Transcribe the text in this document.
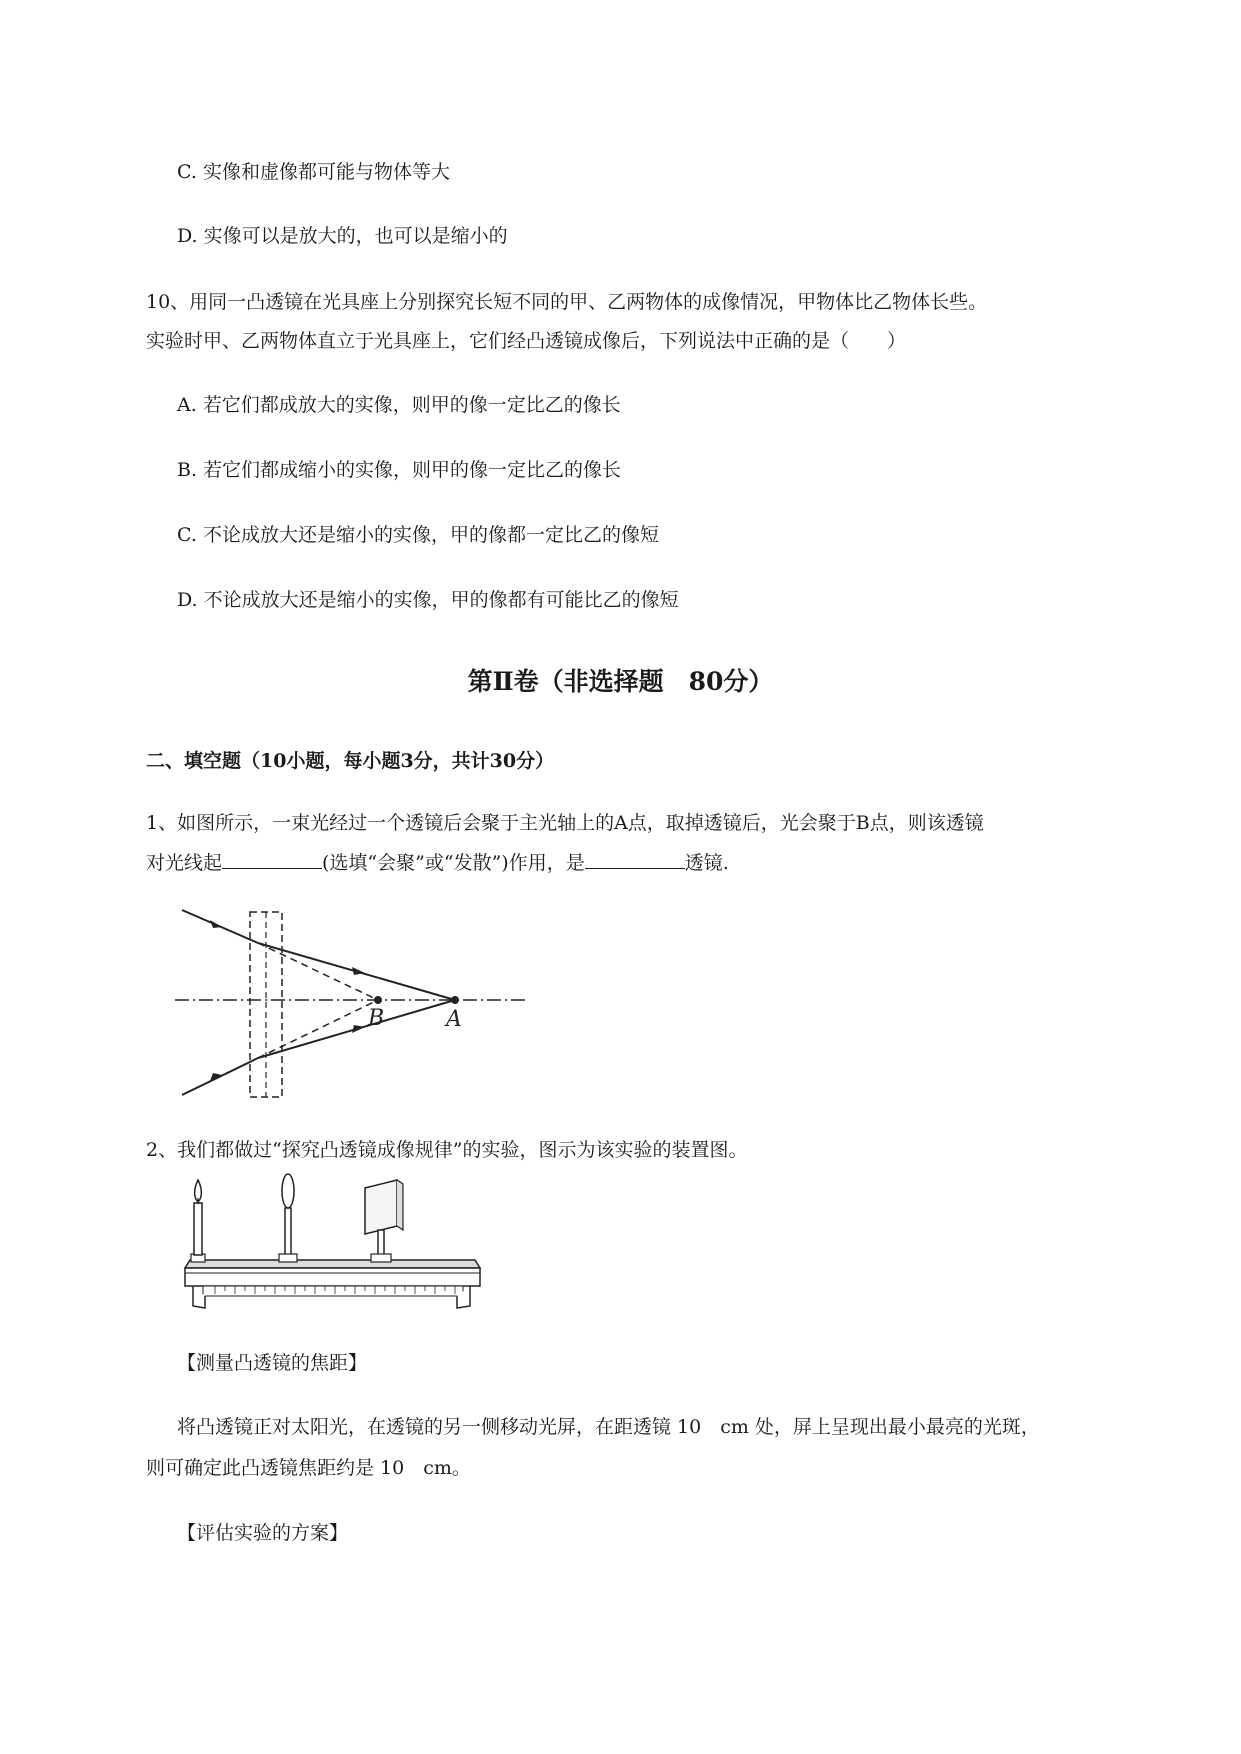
C. 实像和虚像都可能与物体等大
D. 实像可以是放大的，也可以是缩小的
10、用同一凸透镜在光具座上分别探究长短不同的甲、乙两物体的成像情况，甲物体比乙物体长些。
实验时甲、乙两物体直立于光具座上，它们经凸透镜成像后，下列说法中正确的是（　　）
A. 若它们都成放大的实像，则甲的像一定比乙的像长
B. 若它们都成缩小的实像，则甲的像一定比乙的像长
C. 不论成放大还是缩小的实像，甲的像都一定比乙的像短
D. 不论成放大还是缩小的实像，甲的像都有可能比乙的像短
第Ⅱ卷（非选择题　80分）
二、填空题（10小题，每小题3分，共计30分）
1、如图所示，一束光经过一个透镜后会聚于主光轴上的A点，取掉透镜后，光会聚于B点，则该透镜
对光线起	(选填“会聚”或“发散”)作用，是	透镜.
B	A
2、我们都做过“探究凸透镜成像规律”的实验，图示为该实验的装置图。
【测量凸透镜的焦距】
将凸透镜正对太阳光，在透镜的另一侧移动光屏，在距透镜 10　cm 处，屏上呈现出最小最亮的光斑，
则可确定此凸透镜焦距约是 10　cm。
【评估实验的方案】
